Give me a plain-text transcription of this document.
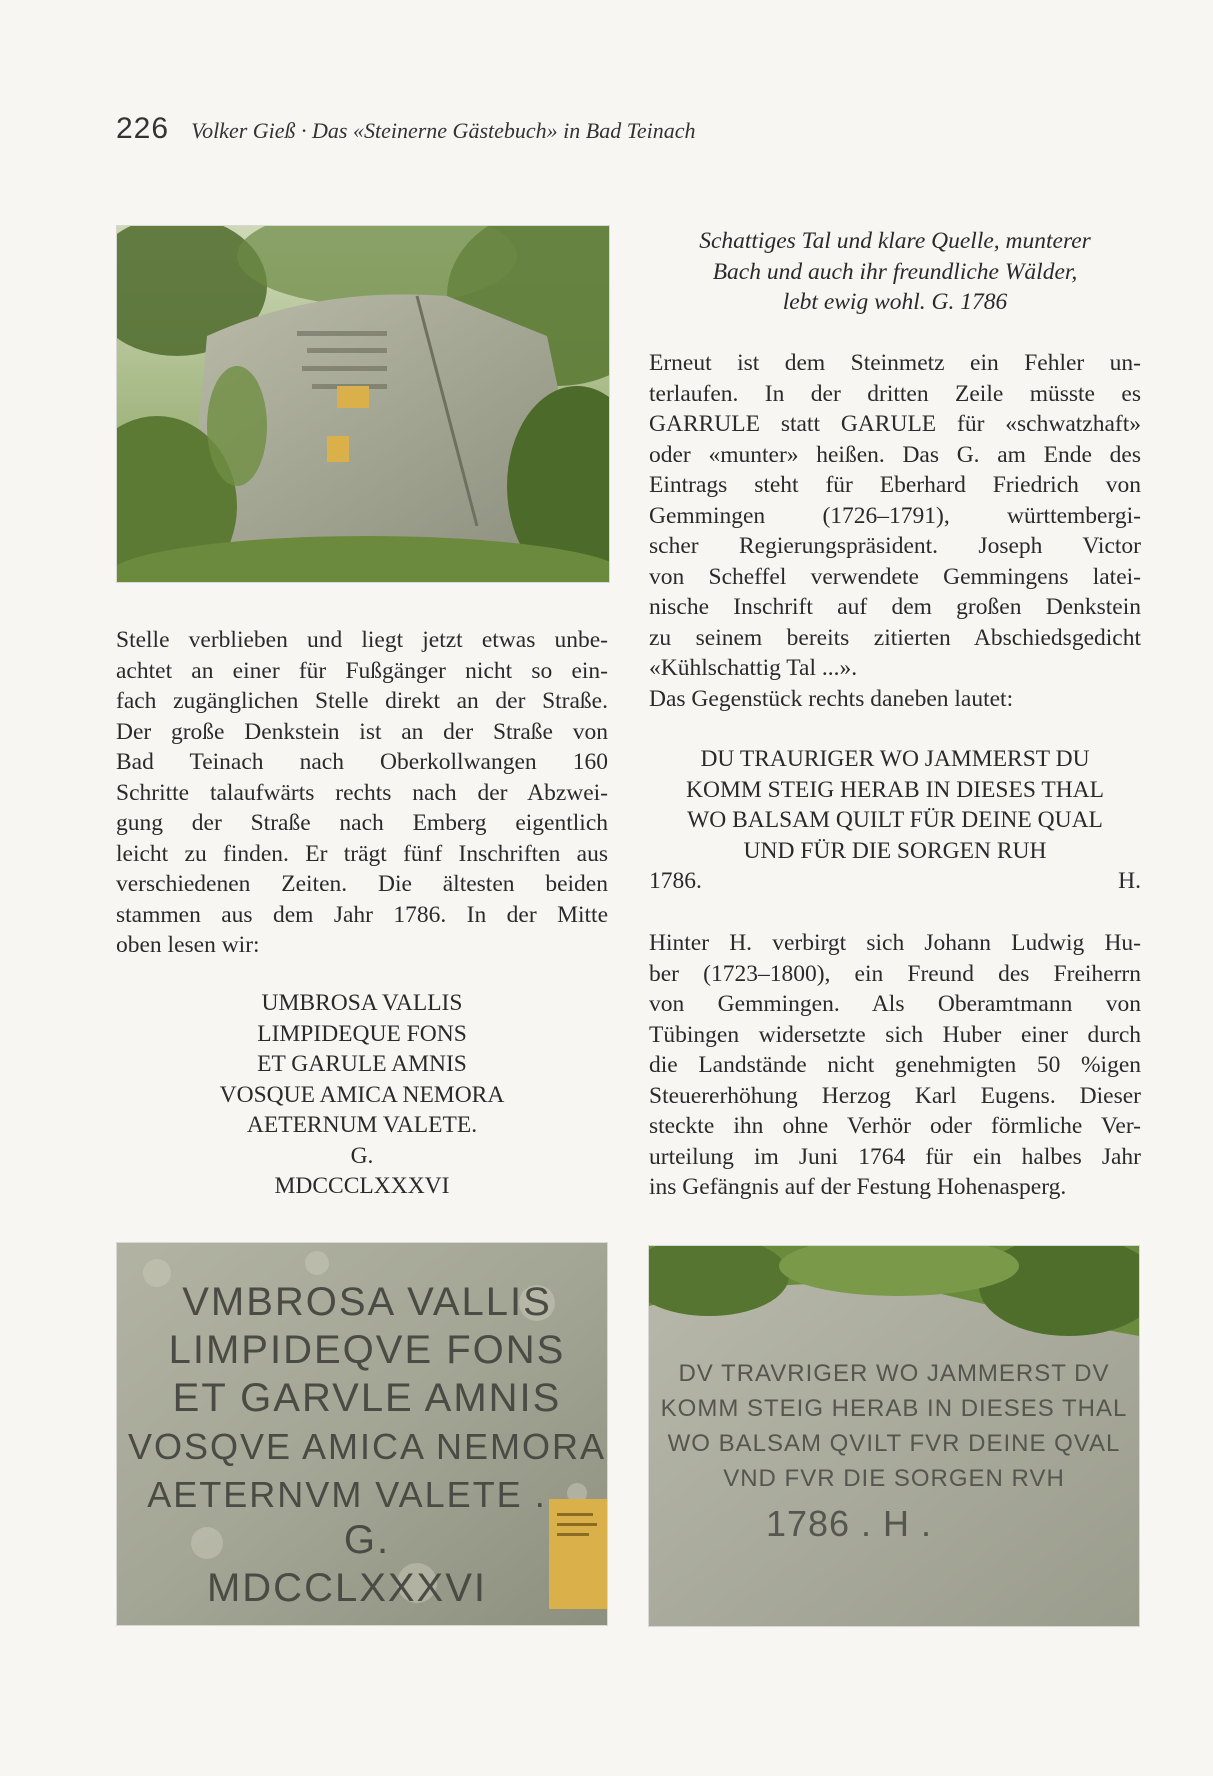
226 Volker Gieß · Das «Steinerne Gästebuch» in Bad Teinach

Stelle verblieben und liegt jetzt etwas unbe-

achtet an einer für Fußgänger nicht so ein-

fach zugänglichen Stelle direkt an der Straße.

Der große Denkstein ist an der Straße von

Bad Teinach nach Oberkollwangen 160

Schritte talaufwärts rechts nach der Abzwei-

gung der Straße nach Emberg eigentlich

leicht zu finden. Er trägt fünf Inschriften aus

verschiedenen Zeiten. Die ältesten beiden

stammen aus dem Jahr 1786. In der Mitte

oben lesen wir:

UMBROSA VALLIS
LIMPIDEQUE FONS
ET GARULE AMNIS
VOSQUE AMICA NEMORA
AETERNUM VALETE.
G.
MDCCCLXXXVI
Schattiges Tal und klare Quelle, munterer
Bach und auch ihr freundliche Wälder,
lebt ewig wohl. G. 1786

Erneut ist dem Steinmetz ein Fehler un-

terlaufen. In der dritten Zeile müsste es

GARRULE statt GARULE für «schwatzhaft»

oder «munter» heißen. Das G. am Ende des

Eintrags steht für Eberhard Friedrich von

Gemmingen (1726–1791), württembergi-

scher Regierungspräsident. Joseph Victor

von Scheffel verwendete Gemmingens latei-

nische Inschrift auf dem großen Denkstein

zu seinem bereits zitierten Abschiedsgedicht

«Kühlschattig Tal ...».

Das Gegenstück rechts daneben lautet:

DU TRAURIGER WO JAMMERST DU
KOMM STEIG HERAB IN DIESES THAL
WO BALSAM QUILT FÜR DEINE QUAL
UND FÜR DIE SORGEN RUH
1786.	H.

Hinter H. verbirgt sich Johann Ludwig Hu-

ber (1723–1800), ein Freund des Freiherrn

von Gemmingen. Als Oberamtmann von

Tübingen widersetzte sich Huber einer durch

die Landstände nicht genehmigten 50 %igen

Steuererhöhung Herzog Karl Eugens. Dieser

steckte ihn ohne Verhör oder förmliche Ver-

urteilung im Juni 1764 für ein halbes Jahr

ins Gefängnis auf der Festung Hohenasperg.

VMBROSA VALLIS
LIMPIDEQVE FONS
ET GARVLE AMNIS
VOSQVE AMICA NEMORA
AETERNVM VALETE .
G.
MDCCLXXXVI
DV TRAVRIGER WO JAMMERST DV
KOMM STEIG HERAB IN DIESES THAL
WO BALSAM QVILT FVR DEINE QVAL
VND FVR DIE SORGEN RVH
1786 . H .
